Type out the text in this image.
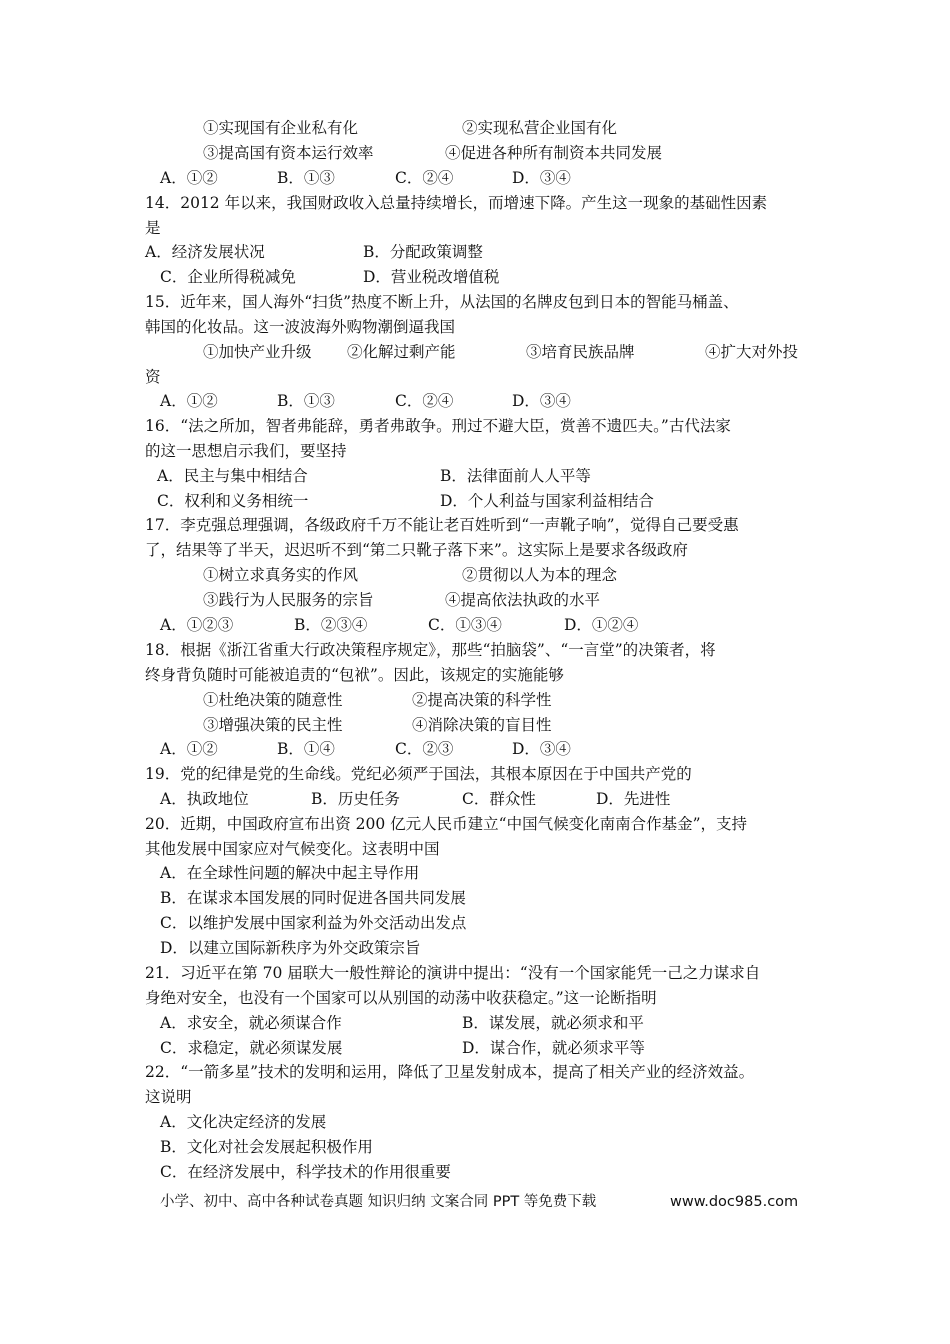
①实现国有企业私有化	②实现私营企业国有化
③提高国有资本运行效率	④促进各种所有制资本共同发展
A．①②	B．①③	C．②④	D．③④
14．2012 年以来，我国财政收入总量持续增长，而增速下降。产生这一现象的基础性因素
是
A．经济发展状况	B．分配政策调整
C．企业所得税减免	D．营业税改增值税
15．近年来，国人海外“扫货”热度不断上升，从法国的名牌皮包到日本的智能马桶盖、
韩国的化妆品。这一波波海外购物潮倒逼我国
①加快产业升级 ②化解过剩产能	③培育民族品牌	④扩大对外投
资
A．①②	B．①③	C．②④	D．③④
16．“法之所加，智者弗能辞，勇者弗敢争。刑过不避大臣，赏善不遗匹夫。”古代法家
的这一思想启示我们，要坚持
A．民主与集中相结合	B．法律面前人人平等
C．权利和义务相统一	D．个人利益与国家利益相结合
17．李克强总理强调，各级政府千万不能让老百姓听到“一声靴子响”，觉得自己要受惠
了，结果等了半天，迟迟听不到“第二只靴子落下来”。这实际上是要求各级政府
①树立求真务实的作风	②贯彻以人为本的理念
③践行为人民服务的宗旨	④提高依法执政的水平
A．①②③	B．②③④	C．①③④	D．①②④
18．根据《浙江省重大行政决策程序规定》，那些“拍脑袋”、“一言堂”的决策者，将
终身背负随时可能被追责的“包袱”。因此，该规定的实施能够
①杜绝决策的随意性	②提高决策的科学性
③增强决策的民主性	④消除决策的盲目性
A．①②	B．①④	C．②③	D．③④
19．党的纪律是党的生命线。党纪必须严于国法，其根本原因在于中国共产党的
A．执政地位	B．历史任务	C．群众性	D．先进性
20．近期，中国政府宣布出资 200 亿元人民币建立“中国气候变化南南合作基金”，支持
其他发展中国家应对气候变化。这表明中国
A．在全球性问题的解决中起主导作用
B．在谋求本国发展的同时促进各国共同发展
C．以维护发展中国家利益为外交活动出发点
D．以建立国际新秩序为外交政策宗旨
21．习近平在第 70 届联大一般性辩论的演讲中提出：“没有一个国家能凭一己之力谋求自
身绝对安全，也没有一个国家可以从别国的动荡中收获稳定。”这一论断指明
A．求安全，就必须谋合作	B．谋发展，就必须求和平
C．求稳定，就必须谋发展	D．谋合作，就必须求平等
22．“一箭多星”技术的发明和运用，降低了卫星发射成本，提高了相关产业的经济效益。
这说明
A．文化决定经济的发展
B．文化对社会发展起积极作用
C．在经济发展中，科学技术的作用很重要
小学、初中、高中各种试卷真题 知识归纳 文案合同 PPT 等免费下载	www.doc985.com
